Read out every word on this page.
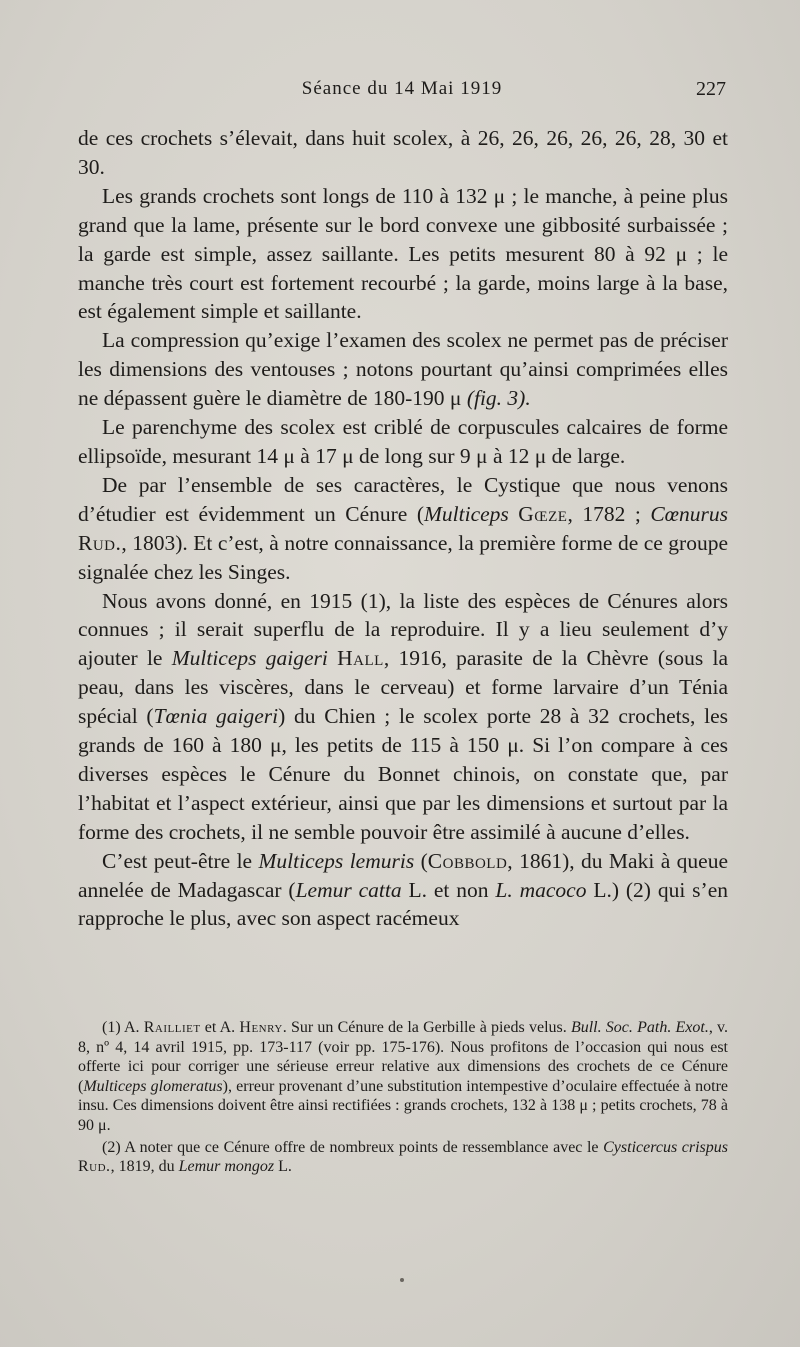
Séance du 14 Mai 1919	227

de ces crochets s’élevait, dans huit scolex, à 26, 26, 26, 26, 26, 28, 30 et 30.

Les grands crochets sont longs de 110 à 132 μ ; le manche, à peine plus grand que la lame, présente sur le bord convexe une gibbosité surbaissée ; la garde est simple, assez saillante. Les petits mesurent 80 à 92 μ ; le manche très court est fortement recourbé ; la garde, moins large à la base, est également simple et saillante.

La compression qu’exige l’examen des scolex ne permet pas de préciser les dimensions des ventouses ; notons pourtant qu’ainsi comprimées elles ne dépassent guère le diamètre de 180-190 μ (fig. 3).

Le parenchyme des scolex est criblé de corpuscules calcaires de forme ellipsoïde, mesurant 14 μ à 17 μ de long sur 9 μ à 12 μ de large.

De par l’ensemble de ses caractères, le Cystique que nous venons d’étudier est évidemment un Cénure (Multiceps Gœze, 1782 ; Cœnurus Rud., 1803). Et c’est, à notre connaissance, la première forme de ce groupe signalée chez les Singes.

Nous avons donné, en 1915 (1), la liste des espèces de Cénures alors connues ; il serait superflu de la reproduire. Il y a lieu seulement d’y ajouter le Multiceps gaigeri Hall, 1916, parasite de la Chèvre (sous la peau, dans les viscères, dans le cerveau) et forme larvaire d’un Ténia spécial (Tœnia gaigeri) du Chien ; le scolex porte 28 à 32 crochets, les grands de 160 à 180 μ, les petits de 115 à 150 μ. Si l’on compare à ces diverses espèces le Cénure du Bonnet chinois, on constate que, par l’habitat et l’aspect extérieur, ainsi que par les dimensions et surtout par la forme des crochets, il ne semble pouvoir être assimilé à aucune d’elles.

C’est peut-être le Multiceps lemuris (Cobbold, 1861), du Maki à queue annelée de Madagascar (Lemur catta L. et non L. macoco L.) (2) qui s’en rapproche le plus, avec son aspect racémeux

(1) A. Railliet et A. Henry. Sur un Cénure de la Gerbille à pieds velus. Bull. Soc. Path. Exot., v. 8, nº 4, 14 avril 1915, pp. 173-117 (voir pp. 175-176). Nous profitons de l’occasion qui nous est offerte ici pour corriger une sérieuse erreur relative aux dimensions des crochets de ce Cénure (Multiceps glomeratus), erreur provenant d’une substitution intempestive d’oculaire effectuée à notre insu. Ces dimensions doivent être ainsi rectifiées : grands crochets, 132 à 138 μ ; petits crochets, 78 à 90 μ.

(2) A noter que ce Cénure offre de nombreux points de ressemblance avec le Cysticercus crispus Rud., 1819, du Lemur mongoz L.
